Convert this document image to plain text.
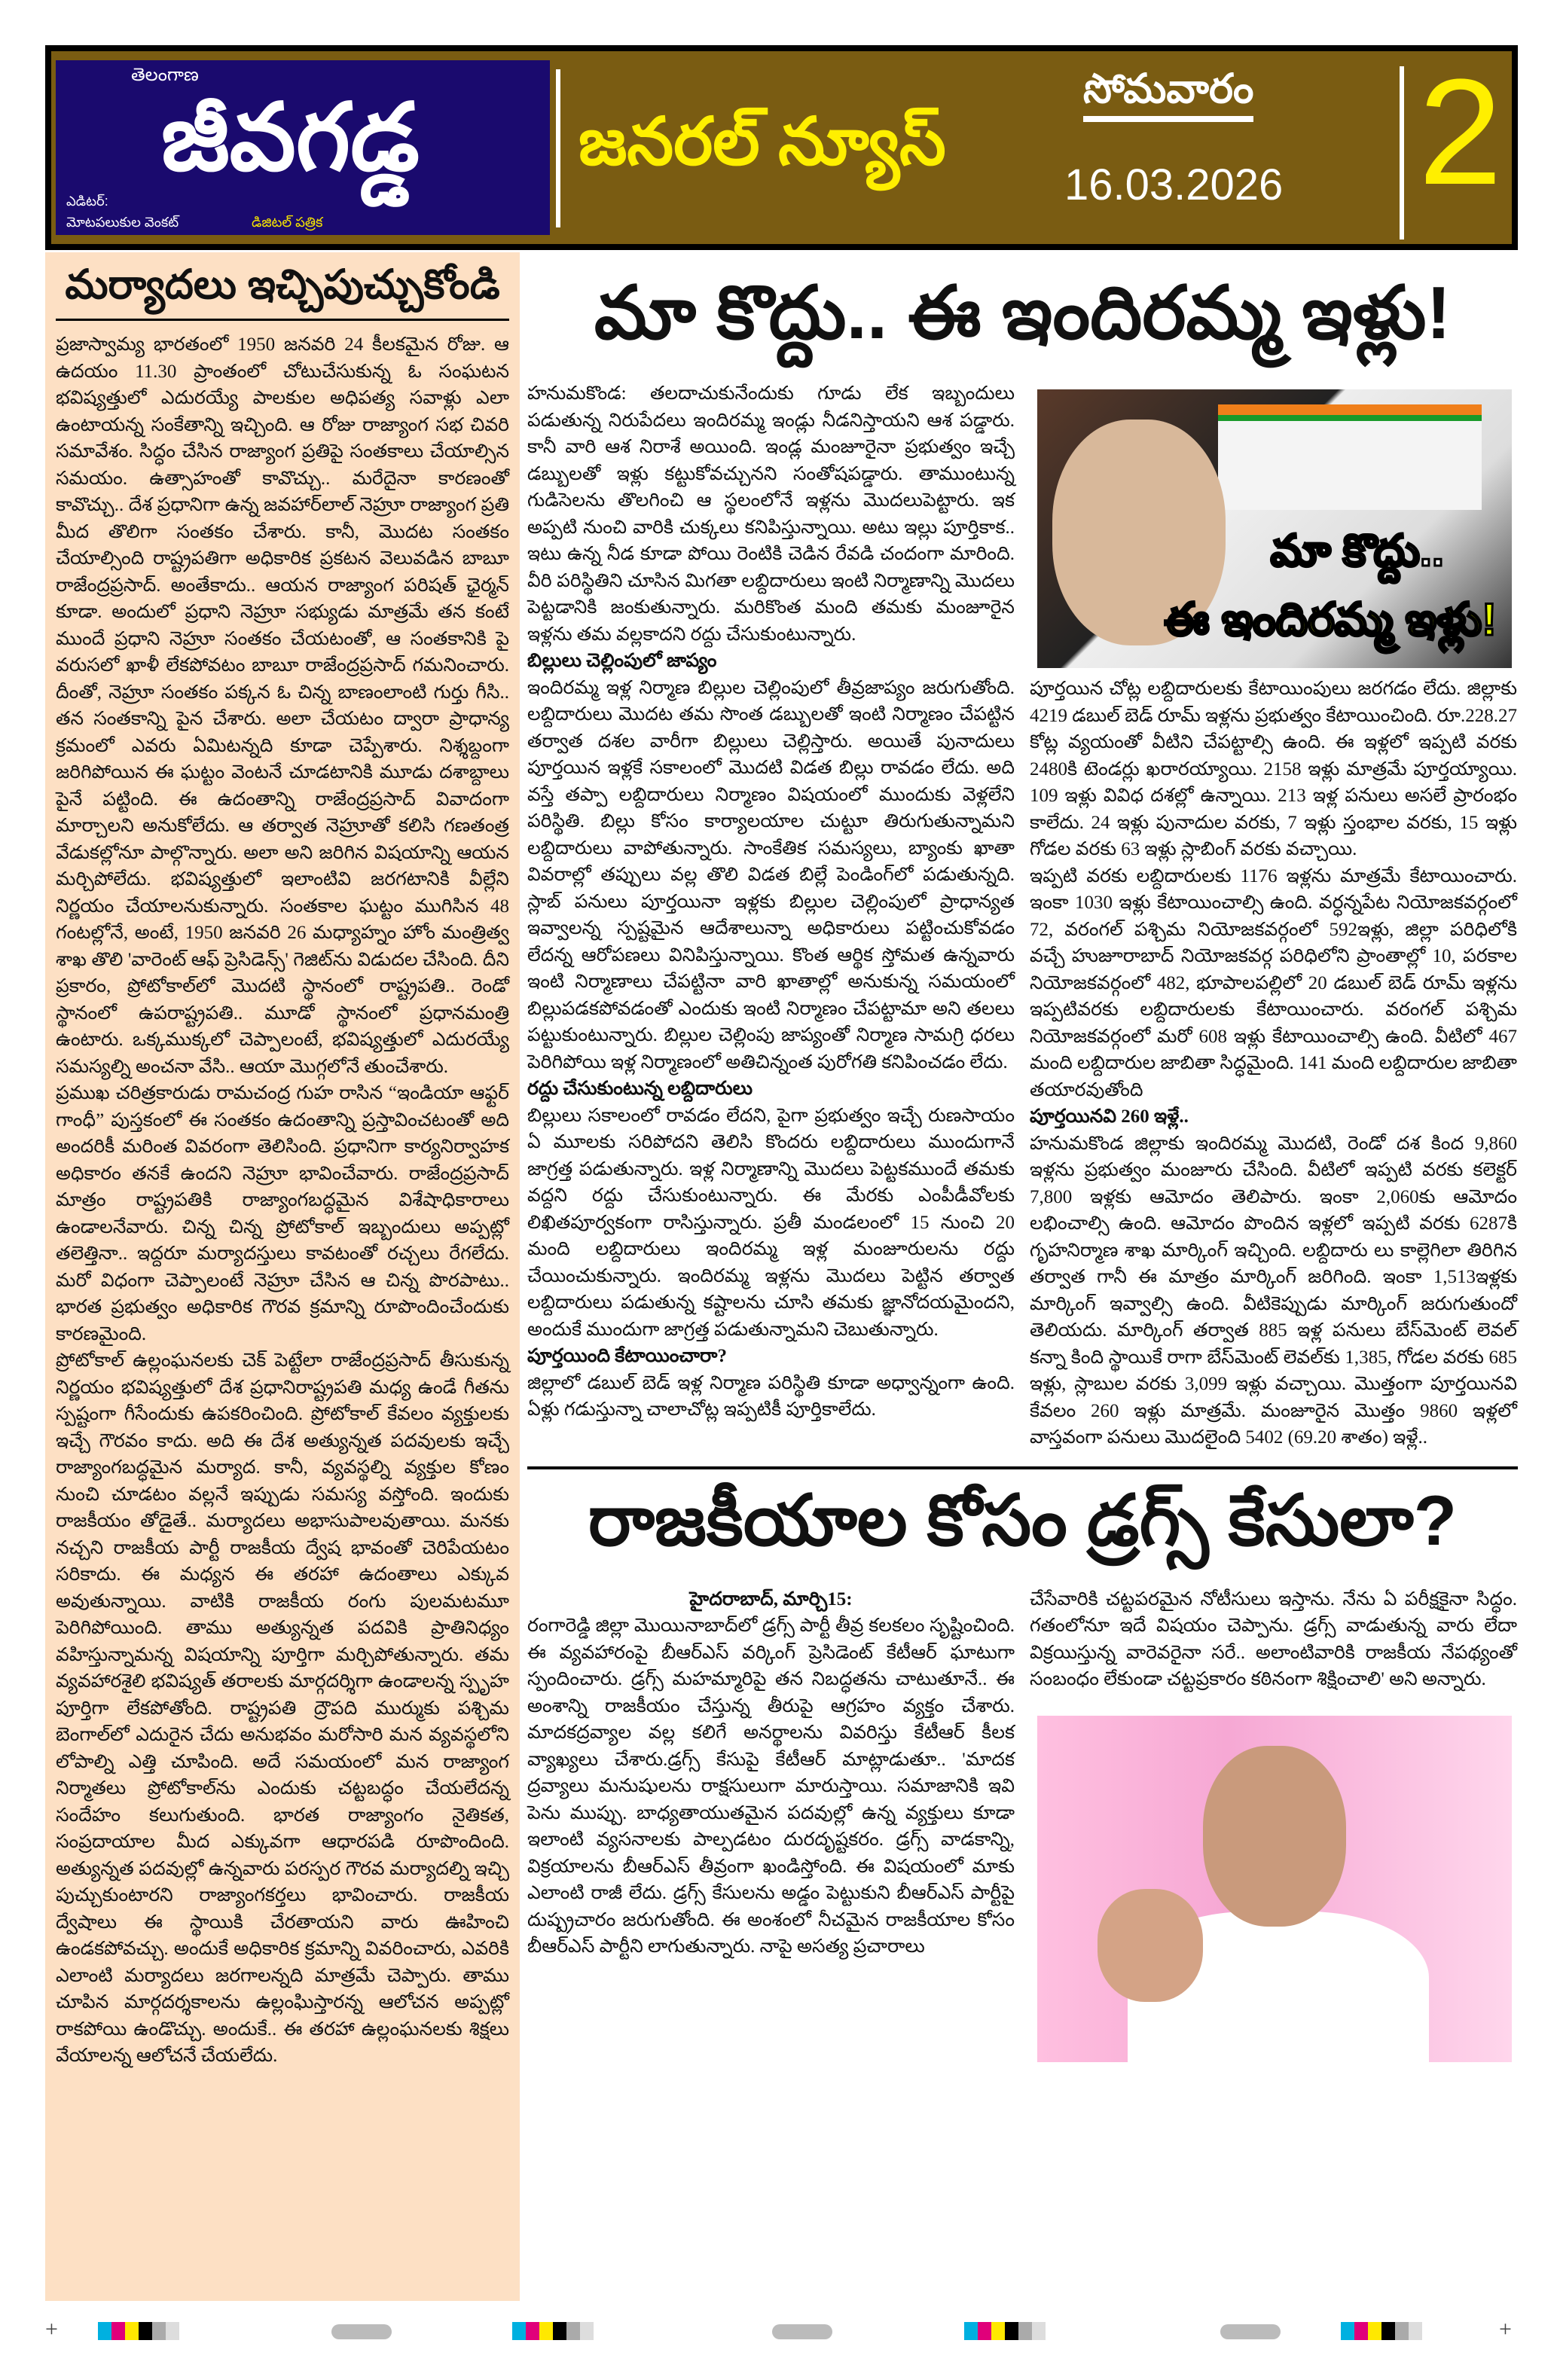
తెలంగాణ
జీవగడ్డ
ఎడిటర్:
మోటపలుకుల వెంకట్	డిజిటల్ పత్రిక
జనరల్ న్యూస్
సోమవారం
16.03.2026 2
మర్యాదలు ఇచ్చిపుచ్చుకోండి

ప్రజాస్వామ్య భారతంలో 1950 జనవరి 24 కీలకమైన రోజు. ఆ ఉదయం 11.30 ప్రాంతంలో చోటుచేసుకున్న ఓ సంఘటన భవిష్యత్తులో ఎదురయ్యే పాలకుల అధిపత్య సవాళ్లు ఎలా ఉంటాయన్న సంకేతాన్ని ఇచ్చింది. ఆ రోజు రాజ్యాంగ సభ చివరి సమావేశం. సిద్ధం చేసిన రాజ్యాంగ ప్రతిపై సంతకాలు చేయాల్సిన సమయం. ఉత్సాహంతో కావొచ్చు.. మరేదైనా కారణంతో కావొచ్చు.. దేశ ప్రధానిగా ఉన్న జవహార్‌లాల్ నెహ్రూ రాజ్యాంగ ప్రతి మీద తొలిగా సంతకం చేశారు. కానీ, మొదట సంతకం చేయాల్సింది రాష్ట్రపతిగా అధికారిక ప్రకటన వెలువడిన బాబూ రాజేంద్రప్రసాద్. అంతేకాదు.. ఆయన రాజ్యాంగ పరిషత్ ఛైర్మన్ కూడా. అందులో ప్రధాని నెహ్రూ సభ్యుడు మాత్రమే తన కంటే ముందే ప్రధాని నెహ్రూ సంతకం చేయటంతో, ఆ సంతకానికి పై వరుసలో ఖాళీ లేకపోవటం బాబూ రాజేంద్రప్రసాద్ గమనించారు. దీంతో, నెహ్రూ సంతకం పక్కన ఓ చిన్న బాణంలాంటి గుర్తు గీసి.. తన సంతకాన్ని పైన చేశారు. అలా చేయటం ద్వారా ప్రాధాన్య క్రమంలో ఎవరు ఏమిటన్నది కూడా చెప్పేశారు. నిశ్శబ్దంగా జరిగిపోయిన ఈ ఘట్టం వెంటనే చూడటానికి మూడు దశాబ్దాలు పైనే పట్టింది. ఈ ఉదంతాన్ని రాజేంద్రప్రసాద్ వివాదంగా మార్చాలని అనుకోలేదు. ఆ తర్వాత నెహ్రూతో కలిసి గణతంత్ర వేడుకల్లోనూ పాల్గొన్నారు. అలా అని జరిగిన విషయాన్ని ఆయన మర్చిపోలేదు. భవిష్యత్తులో ఇలాంటివి జరగటానికి వీల్లేని నిర్ణయం చేయాలనుకున్నారు. సంతకాల ఘట్టం ముగిసిన 48 గంటల్లోనే, అంటే, 1950 జనవరి 26 మధ్యాహ్నం హోం మంత్రిత్వ శాఖ తొలి 'వారెంట్ ఆఫ్ ప్రెసిడెన్స్' గెజిట్‌ను విడుదల చేసింది. దీని ప్రకారం, ప్రోటోకాల్‌లో మొదటి స్థానంలో రాష్ట్రపతి.. రెండో స్థానంలో ఉపరాష్ట్రపతి.. మూడో స్థానంలో ప్రధానమంత్రి ఉంటారు. ఒక్కముక్కలో చెప్పాలంటే, భవిష్యత్తులో ఎదురయ్యే సమస్యల్ని అంచనా వేసి.. ఆయా మొగ్గలోనే తుంచేశారు.

ప్రముఖ చరిత్రకారుడు రామచంద్ర గుహ రాసిన “ఇండియా ఆఫ్టర్ గాంధీ” పుస్తకంలో ఈ సంతకం ఉదంతాన్ని ప్రస్తావించటంతో అది అందరికీ మరింత వివరంగా తెలిసింది. ప్రధానిగా కార్యనిర్వాహక అధికారం తనకే ఉందని నెహ్రూ భావించేవారు. రాజేంద్రప్రసాద్ మాత్రం రాష్ట్రపతికి రాజ్యాంగబద్ధమైన విశేషాధికారాలు ఉండాలనేవారు. చిన్న చిన్న ప్రోటోకాల్ ఇబ్బందులు అప్పట్లో తలెత్తినా.. ఇద్దరూ మర్యాదస్తులు కావటంతో రచ్చలు రేగలేదు. మరో విధంగా చెప్పాలంటే నెహ్రూ చేసిన ఆ చిన్న పొరపాటు.. భారత ప్రభుత్వం అధికారిక గౌరవ క్రమాన్ని రూపొందించేందుకు కారణమైంది.

ప్రోటోకాల్ ఉల్లంఘనలకు చెక్ పెట్టేలా రాజేంద్రప్రసాద్ తీసుకున్న నిర్ణయం భవిష్యత్తులో దేశ ప్రధానిరాష్ట్రపతి మధ్య ఉండే గీతను స్పష్టంగా గీసేందుకు ఉపకరించింది. ప్రోటోకాల్ కేవలం వ్యక్తులకు ఇచ్చే గౌరవం కాదు. అది ఈ దేశ అత్యున్నత పదవులకు ఇచ్చే రాజ్యాంగబద్ధమైన మర్యాద. కానీ, వ్యవస్థల్ని వ్యక్తుల కోణం నుంచి చూడటం వల్లనే ఇప్పుడు సమస్య వస్తోంది. ఇందుకు రాజకీయం తోడైతే.. మర్యాదలు అభాసుపాలవుతాయి. మనకు నచ్చని రాజకీయ పార్టీ రాజకీయ ద్వేష భావంతో చెరిపేయటం సరికాదు. ఈ మధ్యన ఈ తరహా ఉదంతాలు ఎక్కువ అవుతున్నాయి. వాటికి రాజకీయ రంగు పులమటమూ పెరిగిపోయింది. తాము అత్యున్నత పదవికి ప్రాతినిధ్యం వహిస్తున్నామన్న విషయాన్ని పూర్తిగా మర్చిపోతున్నారు. తమ వ్యవహారశైలి భవిష్యత్ తరాలకు మార్గదర్శిగా ఉండాలన్న స్పృహ పూర్తిగా లేకపోతోంది. రాష్ట్రపతి ద్రౌపది ముర్ముకు పశ్చిమ బెంగాల్‌లో ఎదురైన చేదు అనుభవం మరోసారి మన వ్యవస్థలోని లోపాల్ని ఎత్తి చూపింది. అదే సమయంలో మన రాజ్యాంగ నిర్మాతలు ప్రోటోకాల్‌ను ఎందుకు చట్టబద్ధం చేయలేదన్న సందేహం కలుగుతుంది. భారత రాజ్యాంగం నైతికత, సంప్రదాయాల మీద ఎక్కువగా ఆధారపడి రూపొందింది. అత్యున్నత పదవుల్లో ఉన్నవారు పరస్పర గౌరవ మర్యాదల్ని ఇచ్చి పుచ్చుకుంటారని రాజ్యాంగకర్తలు భావించారు. రాజకీయ ద్వేషాలు ఈ స్థాయికి చేరతాయని వారు ఊహించి ఉండకపోవచ్చు. అందుకే అధికారిక క్రమాన్ని వివరించారు, ఎవరికి ఎలాంటి మర్యాదలు జరగాలన్నది మాత్రమే చెప్పారు. తాము చూపిన మార్గదర్శకాలను ఉల్లంఘిస్తారన్న ఆలోచన అప్పట్లో రాకపోయి ఉండొచ్చు. అందుకే.. ఈ తరహా ఉల్లంఘనలకు శిక్షలు వేయాలన్న ఆలోచనే చేయలేదు.

మా కొద్దు.. ఈ ఇందిరమ్మ ఇళ్లు!

హనుమకొండ: తలదాచుకునేందుకు గూడు లేక ఇబ్బందులు పడుతున్న నిరుపేదలు ఇందిరమ్మ ఇండ్లు నీడనిస్తాయని ఆశ పడ్డారు. కానీ వారి ఆశ నిరాశే అయింది. ఇండ్ల మంజూరైనా ప్రభుత్వం ఇచ్చే డబ్బులతో ఇళ్లు కట్టుకోవచ్చునని సంతోషపడ్డారు. తాముంటున్న గుడిసెలను తొలగించి ఆ స్థలంలోనే ఇళ్లను మొదలుపెట్టారు. ఇక అప్పటి నుంచి వారికి చుక్కలు కనిపిస్తున్నాయి. అటు ఇల్లు పూర్తికాక.. ఇటు ఉన్న నీడ కూడా పోయి రెంటికి చెడిన రేవడి చందంగా మారింది. వీరి పరిస్థితిని చూసిన మిగతా లబ్దిదారులు ఇంటి నిర్మాణాన్ని మొదలు పెట్టడానికి జంకుతున్నారు. మరికొంత మంది తమకు మంజూరైన ఇళ్లను తమ వల్లకాదని రద్దు చేసుకుంటున్నారు.

బిల్లులు చెల్లింపులో జాప్యం

ఇందిరమ్మ ఇళ్ల నిర్మాణ బిల్లుల చెల్లింపులో తీవ్రజాప్యం జరుగుతోంది. లబ్దిదారులు మొదట తమ సొంత డబ్బులతో ఇంటి నిర్మాణం చేపట్టిన తర్వాత దశల వారీగా బిల్లులు చెల్లిస్తారు. అయితే పునాదులు పూర్తయిన ఇళ్లకే సకాలంలో మొదటి విడత బిల్లు రావడం లేదు. అది వస్తే తప్పా లబ్దిదారులు నిర్మాణం విషయంలో ముందుకు వెళ్లలేని పరిస్థితి. బిల్లు కోసం కార్యాలయాల చుట్టూ తిరుగుతున్నామని లబ్దిదారులు వాపోతున్నారు. సాంకేతిక సమస్యలు, బ్యాంకు ఖాతా వివరాల్లో తప్పులు వల్ల తొలి విడత బిల్లే పెండింగ్‌లో పడుతున్నది. స్లాబ్ పనులు పూర్తయినా ఇళ్లకు బిల్లుల చెల్లింపులో ప్రాధాన్యత ఇవ్వాలన్న స్పష్టమైన ఆదేశాలున్నా అధికారులు పట్టించుకోవడం లేదన్న ఆరోపణలు వినిపిస్తున్నాయి. కొంత ఆర్థిక స్తోమత ఉన్నవారు ఇంటి నిర్మాణాలు చేపట్టినా వారి ఖాతాల్లో అనుకున్న సమయంలో బిల్లుపడకపోవడంతో ఎందుకు ఇంటి నిర్మాణం చేపట్టామా అని తలలు పట్టుకుంటున్నారు. బిల్లుల చెల్లింపు జాప్యంతో నిర్మాణ సామగ్రి ధరలు పెరిగిపోయి ఇళ్ల నిర్మాణంలో అతిచిన్నంత పురోగతి కనిపించడం లేదు.

రద్దు చేసుకుంటున్న లబ్దిదారులు

బిల్లులు సకాలంలో రావడం లేదని, పైగా ప్రభుత్వం ఇచ్చే రుణసాయం ఏ మూలకు సరిపోదని తెలిసి కొందరు లబ్దిదారులు ముందుగానే జాగ్రత్త పడుతున్నారు. ఇళ్ల నిర్మాణాన్ని మొదలు పెట్టకముందే తమకు వద్దని రద్దు చేసుకుంటున్నారు. ఈ మేరకు ఎంపీడీవోలకు లిఖితపూర్వకంగా రాసిస్తున్నారు. ప్రతీ మండలంలో 15 నుంచి 20 మంది లబ్దిదారులు ఇందిరమ్మ ఇళ్ల మంజూరులను రద్దు చేయించుకున్నారు. ఇందిరమ్మ ఇళ్లను మొదలు పెట్టిన తర్వాత లబ్దిదారులు పడుతున్న కష్టాలను చూసి తమకు జ్ఞానోదయమైందని, అందుకే ముందుగా జాగ్రత్త పడుతున్నామని చెబుతున్నారు.

పూర్తయింది కేటాయించారా?

జిల్లాలో డబుల్ బెడ్ ఇళ్ల నిర్మాణ పరిస్థితి కూడా అధ్వాన్నంగా ఉంది. ఏళ్లు గడుస్తున్నా చాలాచోట్ల ఇప్పటికీ పూర్తికాలేదు.

మా కొద్దు..
ఈ ఇందిరమ్మ ఇళ్లు!

పూర్తయిన చోట్ల లబ్దిదారులకు కేటాయింపులు జరగడం లేదు. జిల్లాకు 4219 డబుల్ బెడ్ రూమ్ ఇళ్లను ప్రభుత్వం కేటాయించింది. రూ.228.27 కోట్ల వ్యయంతో వీటిని చేపట్టాల్సి ఉంది. ఈ ఇళ్లలో ఇప్పటి వరకు 2480కి టెండర్లు ఖరారయ్యాయి. 2158 ఇళ్లు మాత్రమే పూర్తయ్యాయి. 109 ఇళ్లు వివిధ దశల్లో ఉన్నాయి. 213 ఇళ్ల పనులు అసలే ప్రారంభం కాలేదు. 24 ఇళ్లు పునాదుల వరకు, 7 ఇళ్లు స్తంభాల వరకు, 15 ఇళ్లు గోడల వరకు 63 ఇళ్లు స్లాబింగ్ వరకు వచ్చాయి.

ఇప్పటి వరకు లబ్దిదారులకు 1176 ఇళ్లను మాత్రమే కేటాయించారు. ఇంకా 1030 ఇళ్లు కేటాయించాల్సి ఉంది. వర్ధన్నపేట నియోజకవర్గంలో 72, వరంగల్ పశ్చిమ నియోజకవర్గంలో 592ఇళ్లు, జిల్లా పరిధిలోకి వచ్చే హుజూరాబాద్ నియోజకవర్గ పరిధిలోని ప్రాంతాల్లో 10, పరకాల నియోజకవర్గంలో 482, భూపాలపల్లిలో 20 డబుల్ బెడ్ రూమ్ ఇళ్లను ఇప్పటివరకు లబ్దిదారులకు కేటాయించారు. వరంగల్ పశ్చిమ నియోజకవర్గంలో మరో 608 ఇళ్లు కేటాయించాల్సి ఉంది. వీటిలో 467 మంది లబ్దిదారుల జాబితా సిద్ధమైంది. 141 మంది లబ్దిదారుల జాబితా తయారవుతోంది

పూర్తయినవి 260 ఇళ్లే..

హనుమకొండ జిల్లాకు ఇందిరమ్మ మొదటి, రెండో దశ కింద 9,860 ఇళ్లను ప్రభుత్వం మంజూరు చేసింది. వీటిలో ఇప్పటి వరకు కలెక్టర్ 7,800 ఇళ్లకు ఆమోదం తెలిపారు. ఇంకా 2,060కు ఆమోదం లభించాల్సి ఉంది. ఆమోదం పొందిన ఇళ్లలో ఇప్పటి వరకు 6287కి గృహనిర్మాణ శాఖ మార్కింగ్ ఇచ్చింది. లబ్దిదారు లు కాల్లెగిలా తిరిగిన తర్వాత గానీ ఈ మాత్రం మార్కింగ్ జరిగింది. ఇంకా 1,513ఇళ్లకు మార్కింగ్ ఇవ్వాల్సి ఉంది. వీటికెప్పుడు మార్కింగ్ జరుగుతుందో తెలియదు. మార్కింగ్ తర్వాత 885 ఇళ్ల పనులు బేస్‌మెంట్ లెవల్ కన్నా కింది స్థాయికే రాగా బేస్‌మెంట్ లెవల్‌కు 1,385, గోడల వరకు 685 ఇళ్లు, స్లాబుల వరకు 3,099 ఇళ్లు వచ్చాయి. మొత్తంగా పూర్తయినవి కేవలం 260 ఇళ్లు మాత్రమే. మంజూరైన మొత్తం 9860 ఇళ్లలో వాస్తవంగా పనులు మొదలైంది 5402 (69.20 శాతం) ఇళ్లే..

రాజకీయాల కోసం డ్రగ్స్ కేసులా?

హైదరాబాద్, మార్చి15:

రంగారెడ్డి జిల్లా మొయినాబాద్‌లో డ్రగ్స్ పార్టీ తీవ్ర కలకలం సృష్టించింది. ఈ వ్యవహారంపై బీఆర్ఎస్ వర్కింగ్ ప్రెసిడెంట్ కేటీఆర్ ఘాటుగా స్పందించారు. డ్రగ్స్ మహమ్మారిపై తన నిబద్ధతను చాటుతూనే.. ఈ అంశాన్ని రాజకీయం చేస్తున్న తీరుపై ఆగ్రహం వ్యక్తం చేశారు. మాదకద్రవ్యాల వల్ల కలిగే అనర్థాలను వివరిస్తు కేటీఆర్ కీలక వ్యాఖ్యలు చేశారు.డ్రగ్స్ కేసుపై కేటీఆర్ మాట్లాడుతూ.. 'మాదక ద్రవ్యాలు మనుషులను రాక్షసులుగా మారుస్తాయి. సమాజానికి ఇవి పెను ముప్పు. బాధ్యతాయుతమైన పదవుల్లో ఉన్న వ్యక్తులు కూడా ఇలాంటి వ్యసనాలకు పాల్పడటం దురదృష్టకరం. డ్రగ్స్ వాడకాన్ని, విక్రయాలను బీఆర్ఎస్ తీవ్రంగా ఖండిస్తోంది. ఈ విషయంలో మాకు ఎలాంటి రాజీ లేదు. డ్రగ్స్ కేసులను అడ్డం పెట్టుకుని బీఆర్ఎస్ పార్టీపై దుష్ప్రచారం జరుగుతోంది. ఈ అంశంలో నీచమైన రాజకీయాల కోసం బీఆర్ఎస్ పార్టీని లాగుతున్నారు. నాపై అసత్య ప్రచారాలు

చేసేవారికి చట్టపరమైన నోటీసులు ఇస్తాను. నేను ఏ పరీక్షకైనా సిద్ధం. గతంలోనూ ఇదే విషయం చెప్పాను. డ్రగ్స్ వాడుతున్న వారు లేదా విక్రయిస్తున్న వారెవరైనా సరే.. అలాంటివారికి రాజకీయ నేపథ్యంతో సంబంధం లేకుండా చట్టప్రకారం కఠినంగా శిక్షించాలి' అని అన్నారు.

+	+
